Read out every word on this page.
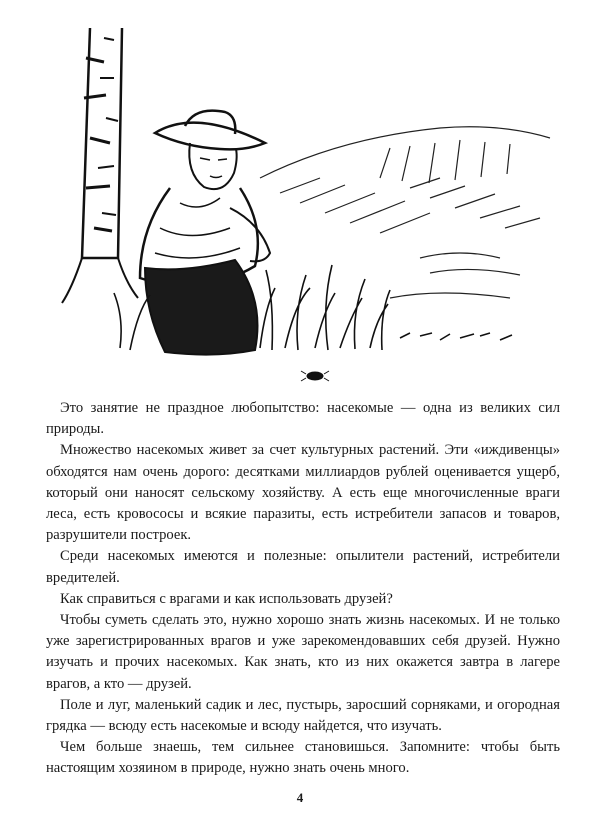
Это занятие не праздное любопытство: насекомые — одна из великих сил природы.

Множество насекомых живет за счет культурных растений. Эти «иждивенцы» обходятся нам очень дорого: десятками миллиардов рублей оценивается ущерб, который они наносят сельскому хозяйству. А есть еще многочисленные враги леса, есть кровососы и всякие паразиты, есть истребители запасов и товаров, разрушители построек.

Среди насекомых имеются и полезные: опылители растений, истребители вредителей.

Как справиться с врагами и как использовать друзей?

Чтобы суметь сделать это, нужно хорошо знать жизнь насекомых. И не только уже зарегистрированных врагов и уже зарекомендовавших себя друзей. Нужно изучать и прочих насекомых. Как знать, кто из них окажется завтра в лагере врагов, а кто — друзей.

Поле и луг, маленький садик и лес, пустырь, заросший сорняками, и огородная грядка — всюду есть насекомые и всюду найдется, что изучать.

Чем больше знаешь, тем сильнее становишься. Запомните: чтобы быть настоящим хозяином в природе, нужно знать очень много.

4
